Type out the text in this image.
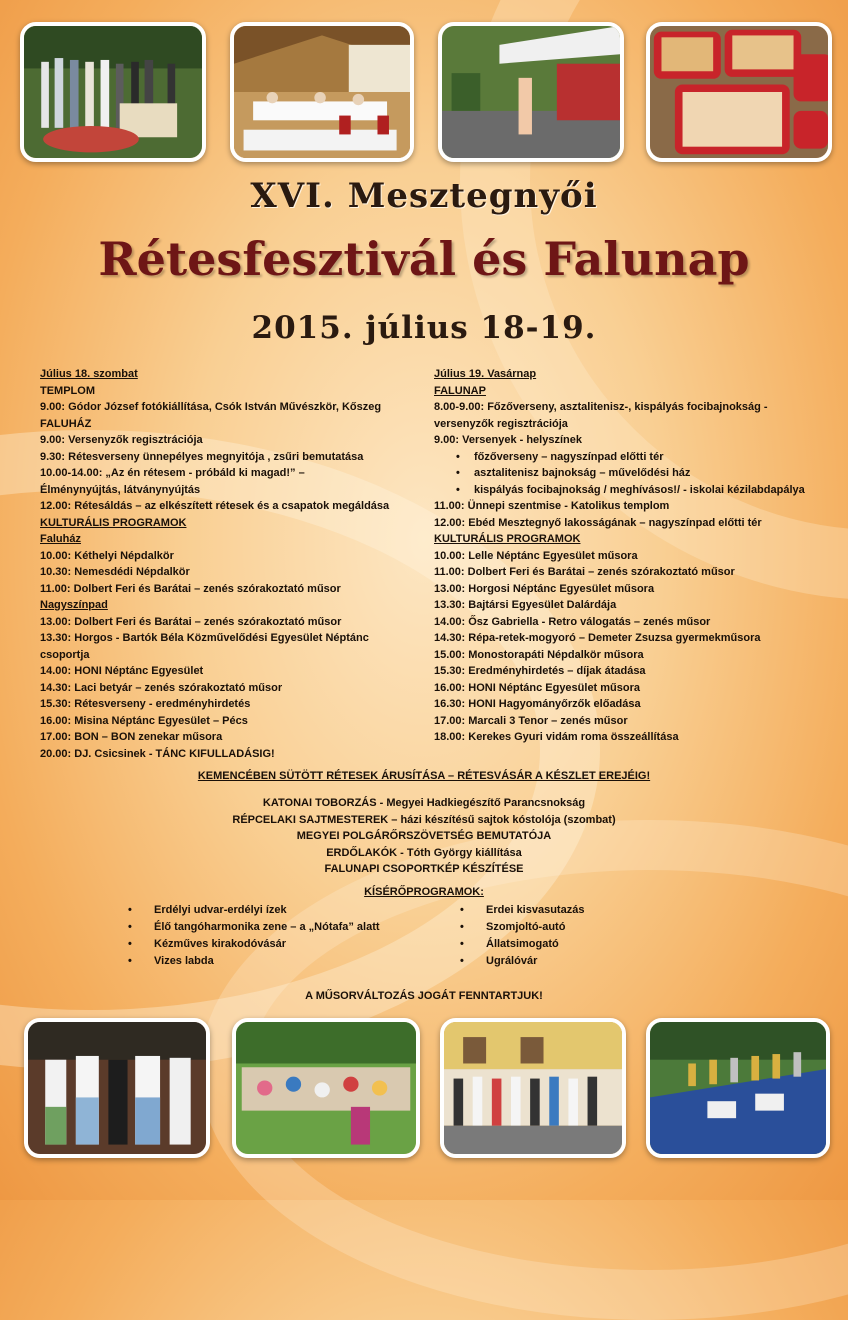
XVI. Mesztegnyői
Rétesfesztivál és Falunap
2015. július 18-19.
Július 18. szombat
TEMPLOM
9.00: Gódor József fotókiállítása, Csók István Művészkör, Kőszeg
FALUHÁZ
9.00: Versenyzők regisztrációja
9.30: Rétesverseny ünnepélyes megnyitója , zsűri bemutatása
10.00-14.00: „Az én rétesem - próbáld ki magad!” –
Élménynyújtás, látványnyújtás
12.00: Rétesáldás – az elkészített rétesek és a csapatok megáldása
KULTURÁLIS PROGRAMOK
Faluház
10.00: Kéthelyi Népdalkör
10.30: Nemesdédi Népdalkör
11.00: Dolbert Feri és Barátai – zenés szórakoztató műsor
Nagyszínpad
13.00: Dolbert Feri és Barátai – zenés szórakoztató műsor
13.30: Horgos - Bartók Béla Közművelődési Egyesület Néptánc
csoportja
14.00: HONI Néptánc Egyesület
14.30: Laci betyár – zenés szórakoztató műsor
15.30: Rétesverseny - eredményhirdetés
16.00: Misina Néptánc Egyesület – Pécs
17.00: BON – BON zenekar műsora
20.00: DJ. Csicsinek - TÁNC KIFULLADÁSIG!
Július 19. Vasárnap
FALUNAP
8.00-9.00: Főzőverseny, asztalitenisz-, kispályás focibajnokság -
versenyzők regisztrációja
9.00: Versenyek - helyszínek
• főzőverseny – nagyszínpad előtti tér
• asztalitenisz bajnokság – művelődési ház
• kispályás focibajnokság / meghívásos!/ - iskolai kézilabdapálya
11.00: Ünnepi szentmise - Katolikus templom
12.00: Ebéd Mesztegnyő lakosságának – nagyszínpad előtti tér
KULTURÁLIS PROGRAMOK
10.00: Lelle Néptánc Egyesület műsora
11.00: Dolbert Feri és Barátai – zenés szórakoztató műsor
13.00: Horgosi Néptánc Egyesület műsora
13.30: Bajtársi Egyesület Dalárdája
14.00: Ősz Gabriella - Retro válogatás – zenés műsor
14.30: Répa-retek-mogyoró – Demeter Zsuzsa gyermekműsora
15.00: Monostorapáti Népdalkör műsora
15.30: Eredményhirdetés – díjak átadása
16.00: HONI Néptánc Egyesület műsora
16.30: HONI Hagyományőrzők előadása
17.00: Marcali 3 Tenor – zenés műsor
18.00: Kerekes Gyuri vidám roma összeállítása
KEMENCÉBEN SÜTÖTT RÉTESEK ÁRUSÍTÁSA – RÉTESVÁSÁR A KÉSZLET EREJÉIG!
KATONAI TOBORZÁS - Megyei Hadkiegészítő Parancsnokság
RÉPCELAKI SAJTMESTEREK – házi készítésű sajtok kóstolója (szombat)
MEGYEI POLGÁRŐRSZÖVETSÉG BEMUTATÓJA
ERDŐLAKÓK - Tóth György kiállítása
FALUNAPI CSOPORTKÉP KÉSZÍTÉSE
KÍSÉRŐPROGRAMOK:
• Erdélyi udvar-erdélyi ízek
• Élő tangóharmonika zene – a „Nótafa” alatt
• Kézműves kirakodóvásár
• Vizes labda
• Erdei kisvasutazás
• Szomjoltó-autó
• Állatsimogató
• Ugrálóvár
A MŰSORVÁLTOZÁS JOGÁT FENNTARTJUK!
